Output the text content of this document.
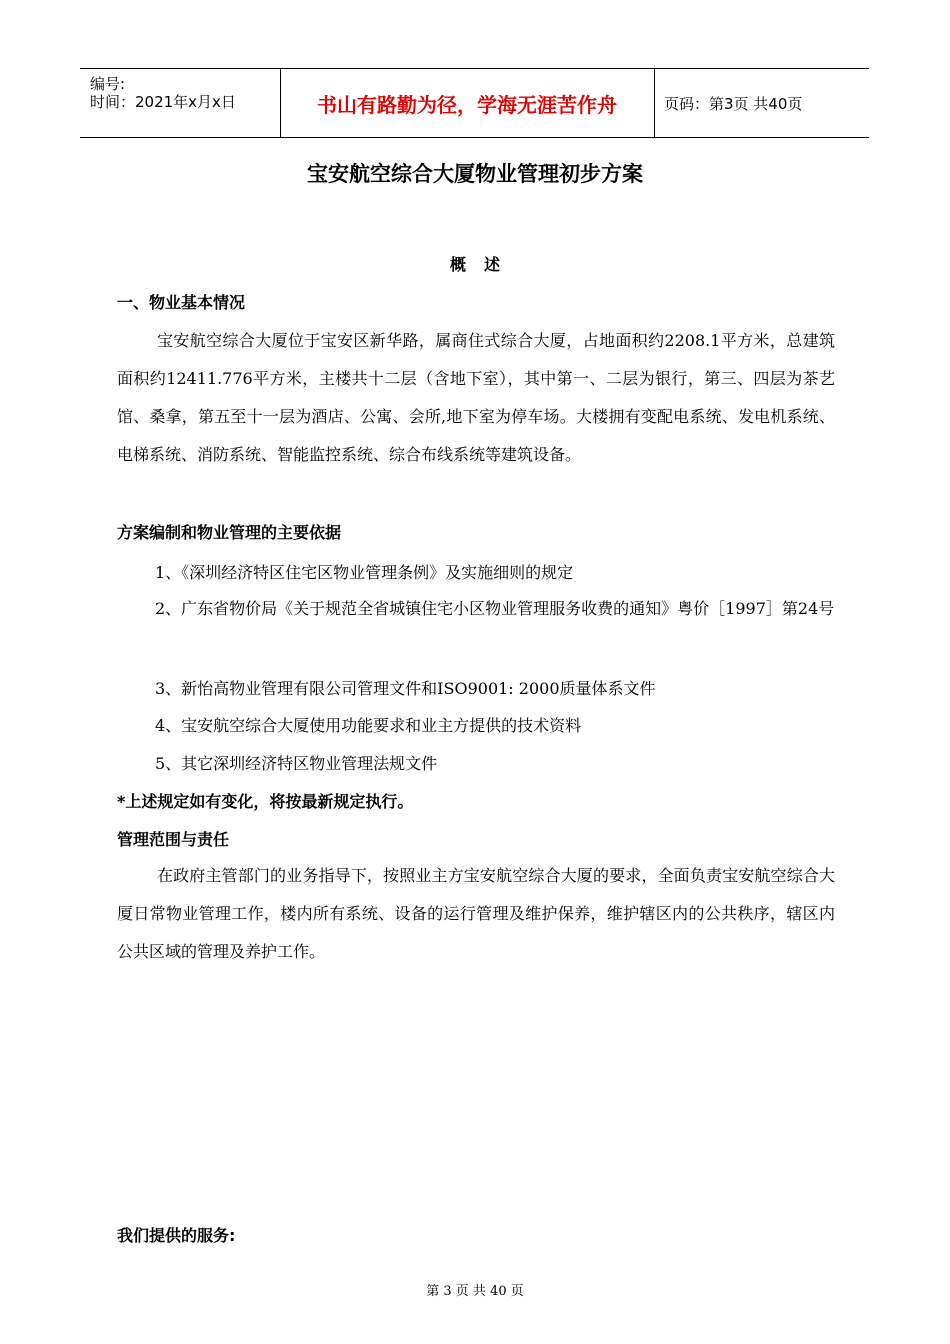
编号:
时间：2021年x月x日	书山有路勤为径，学海无涯苦作舟	页码：第3页 共40页
宝安航空综合大厦物业管理初步方案
概述
一、物业基本情况
宝安航空综合大厦位于宝安区新华路，属商住式综合大厦，占地面积约2208.1平方米，总建筑面积约12411.776平方米，主楼共十二层（含地下室），其中第一、二层为银行，第三、四层为茶艺馆、桑拿，第五至十一层为酒店、公寓、会所,地下室为停车场。大楼拥有变配电系统、发电机系统、电梯系统、消防系统、智能监控系统、综合布线系统等建筑设备。
方案编制和物业管理的主要依据
1、《深圳经济特区住宅区物业管理条例》及实施细则的规定
2、广东省物价局《关于规范全省城镇住宅小区物业管理服务收费的通知》粤价［1997］第24号
3、新怡高物业管理有限公司管理文件和ISO9001: 2000质量体系文件
4、宝安航空综合大厦使用功能要求和业主方提供的技术资料
5、其它深圳经济特区物业管理法规文件
*上述规定如有变化，将按最新规定执行。
管理范围与责任
在政府主管部门的业务指导下，按照业主方宝安航空综合大厦的要求，全面负责宝安航空综合大厦日常物业管理工作，楼内所有系统、设备的运行管理及维护保养，维护辖区内的公共秩序，辖区内公共区域的管理及养护工作。
我们提供的服务:
第 3 页 共 40 页
